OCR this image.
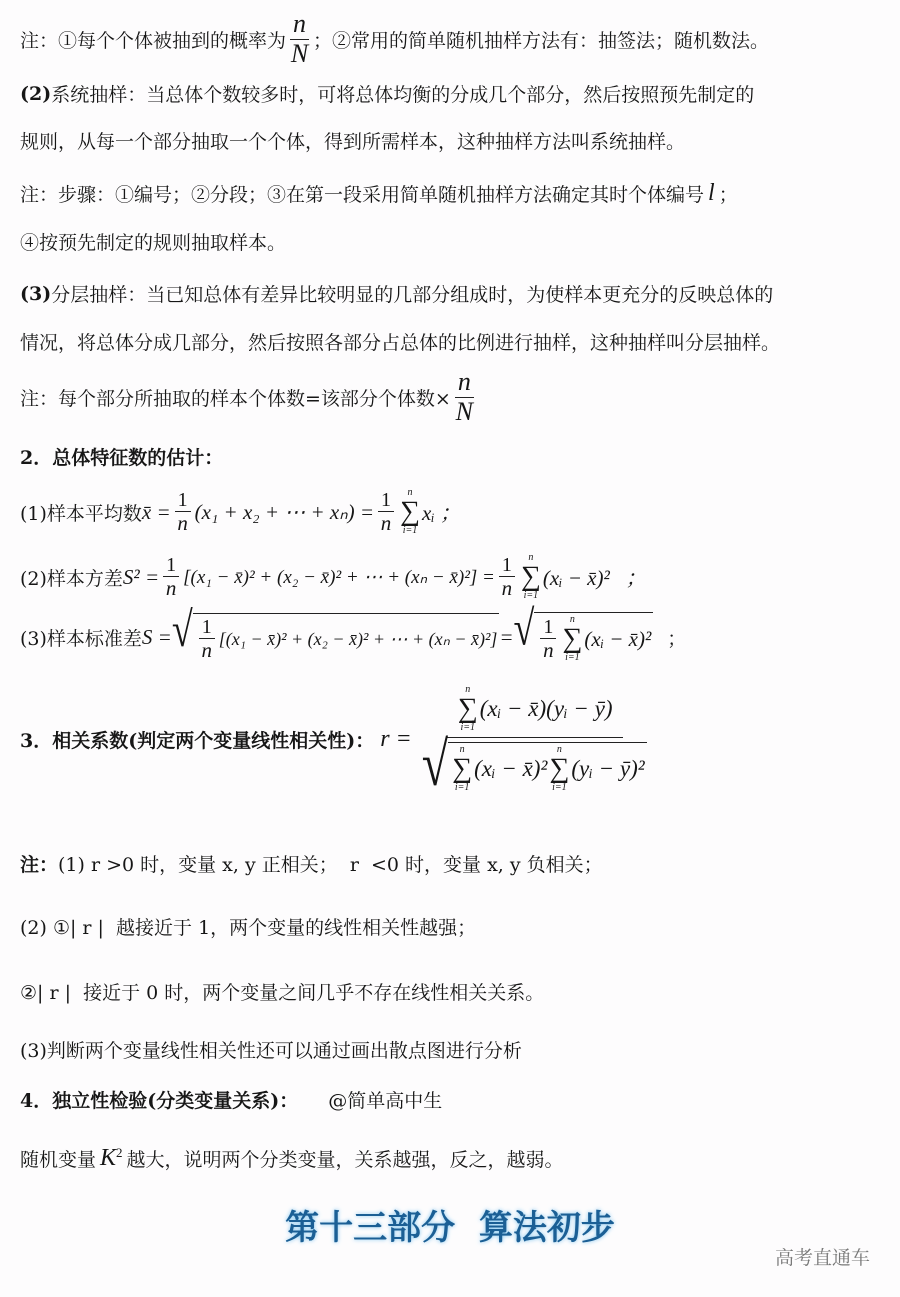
注：①每个个体被抽到的概率为 $\frac{n}{N}$ ；②常用的简单随机抽样方法有：抽签法；随机数法。
(2) 系统抽样：当总体个数较多时，可将总体均衡的分成几个部分，然后按照预先制定的
规则，从每一个部分抽取一个个体，得到所需样本，这种抽样方法叫系统抽样。
注：步骤：①编号；②分段；③在第一段采用简单随机抽样方法确定其时个体编号 l ；
④按预先制定的规则抽取样本。
(3) 分层抽样：当已知总体有差异比较明显的几部分组成时，为使样本更充分的反映总体的
情况，将总体分成几部分，然后按照各部分占总体的比例进行抽样，这种抽样叫分层抽样。
注：每个部分所抽取的样本个体数=该部分个体数× $\frac{n}{N}$
2．总体特征数的估计：
(1)样本平均数 x̄ = $\frac{1}{n} (x_1 + x_2$ + ⋯ + $x_n) = \frac{1}{n}$ n
∑
i=1
xᵢ ；
(2)样本方差 $S^2 = \frac{1}{n} [(x_1$ − x̄)² + (x₂ − x̄)² + ⋯ + (xₙ − x̄)²] = $\frac{1}{n}$ n
∑
i=1
(xᵢ − x̄)²   ；
(3)样本标准差 S = √ $\frac{1}{n} [(x_1$ − x̄)² + (x₂ − x̄)² + ⋯ + (xₙ − x̄)²] = √ $\frac{1}{n}$ n
∑
i=1
(xᵢ − x̄)² ；
3．相关系数(判定两个变量线性相关性)： r = n
∑
i=1
(xᵢ − x̄)(yᵢ − ȳ)
√ n
∑
i=1
(xᵢ − x̄)²
n
∑
i=1
(yᵢ − ȳ)²
注： (1) r >0 时，变量 x, y 正相关；  r  <0 时，变量 x, y 负相关；
(2) ①| r |  越接近于 1，两个变量的线性相关性越强；
②| r |  接近于 0 时，两个变量之间几乎不存在线性相关关系。
(3)判断两个变量线性相关性还可以通过画出散点图进行分析
4．独立性检验(分类变量关系)： @简单高中生
随机变量 $K^2$ 越大，说明两个分类变量，关系越强，反之，越弱。
第十三部分  算法初步
高考直通车
